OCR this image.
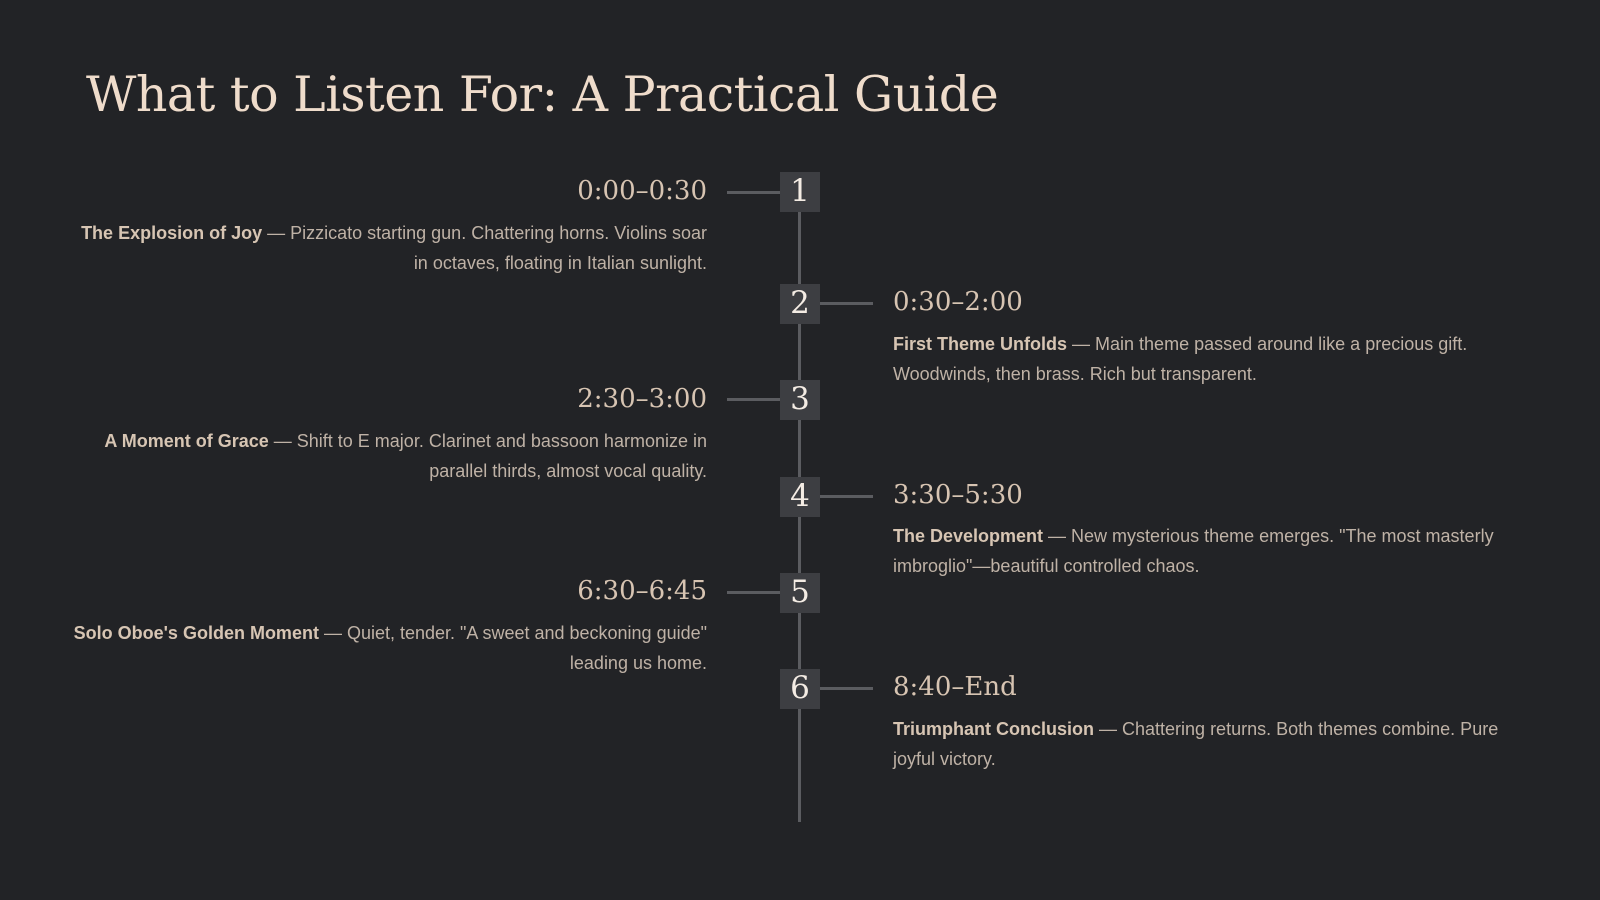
What to Listen For: A Practical Guide
1
0:00–0:30
The Explosion of Joy — Pizzicato starting gun. Chattering horns. Violins soar in octaves, floating in Italian sunlight.
2	0:30–2:00
First Theme Unfolds — Main theme passed around like a precious gift. Woodwinds, then brass. Rich but transparent.
3
2:30–3:00
A Moment of Grace — Shift to E major. Clarinet and bassoon harmonize in parallel thirds, almost vocal quality.
4	3:30–5:30
The Development — New mysterious theme emerges. "The most masterly imbroglio"—beautiful controlled chaos.
5
6:30–6:45
Solo Oboe's Golden Moment — Quiet, tender. "A sweet and beckoning guide" leading us home.
6	8:40–End
Triumphant Conclusion — Chattering returns. Both themes combine. Pure joyful victory.
